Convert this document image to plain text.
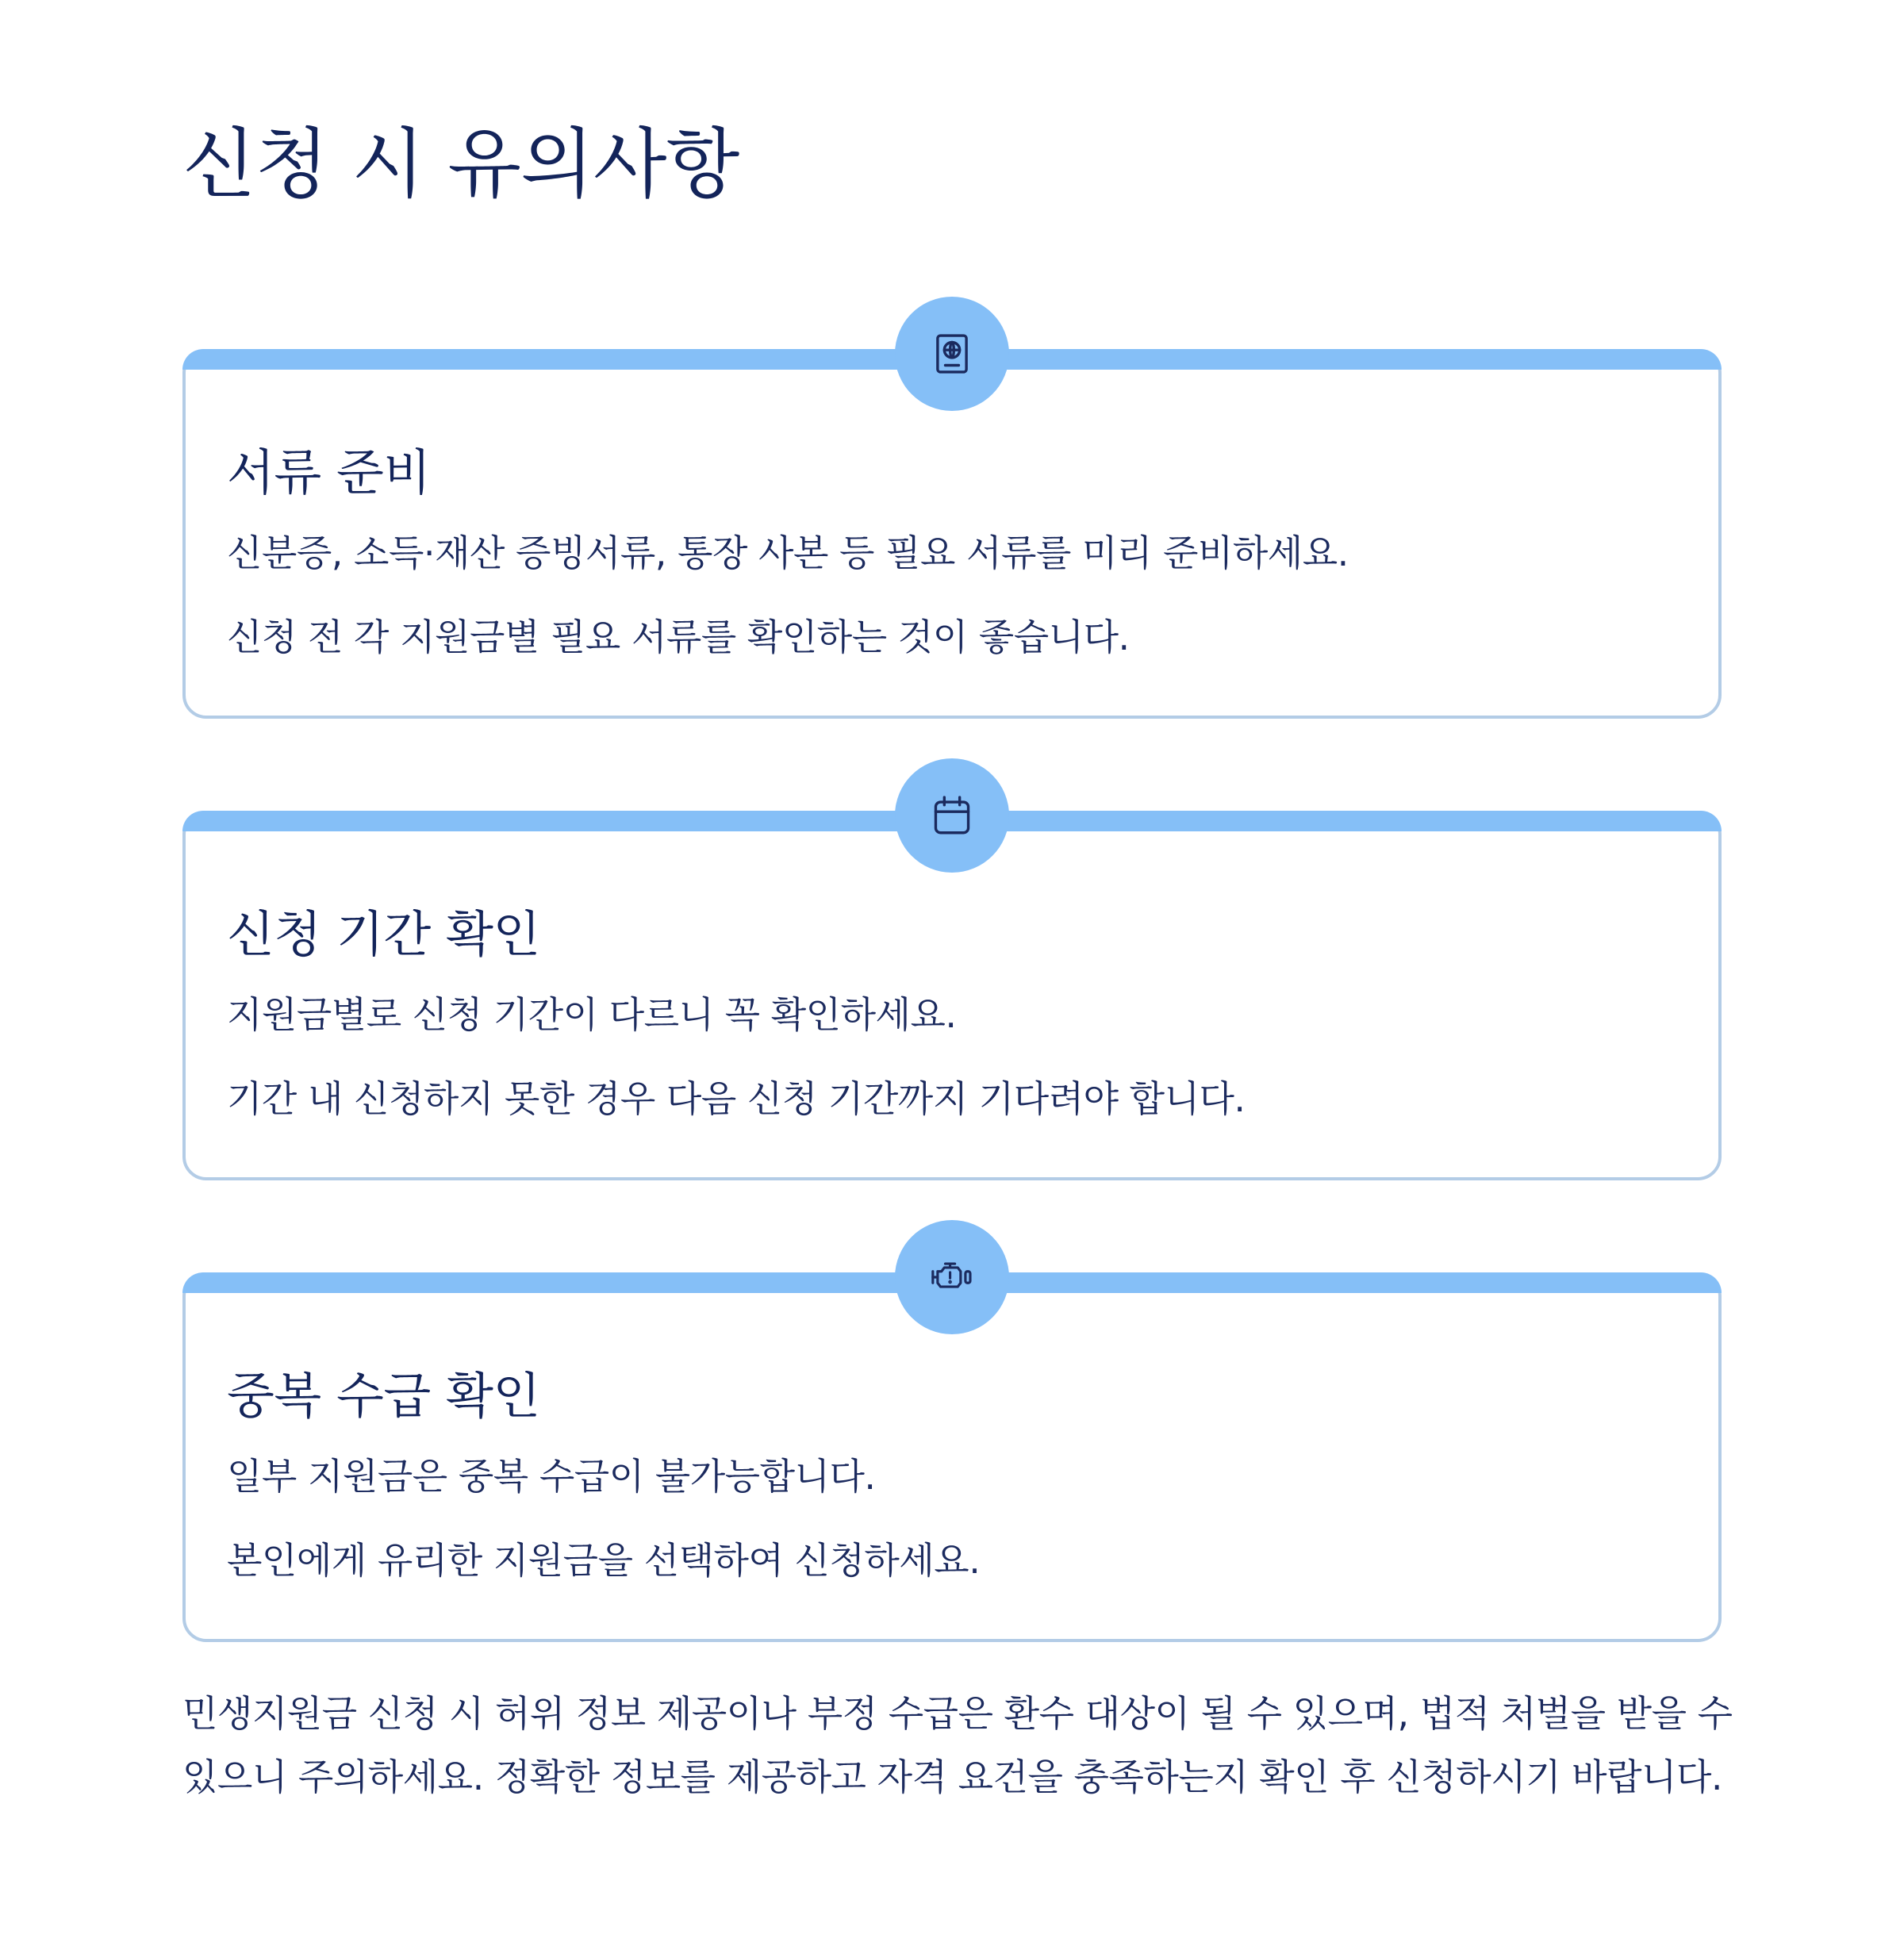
신청 시 유의사항
서류 준비

신분증, 소득·재산 증빙서류, 통장 사본 등 필요 서류를 미리 준비하세요.

신청 전 각 지원금별 필요 서류를 확인하는 것이 좋습니다.

신청 기간 확인

지원금별로 신청 기간이 다르니 꼭 확인하세요.

기간 내 신청하지 못한 경우 다음 신청 기간까지 기다려야 합니다.

중복 수급 확인

일부 지원금은 중복 수급이 불가능합니다.

본인에게 유리한 지원금을 선택하여 신청하세요.

민생지원금 신청 시 허위 정보 제공이나 부정 수급은 환수 대상이 될 수 있으며, 법적 처벌을 받을 수
있으니 주의하세요. 정확한 정보를 제공하고 자격 요건을 충족하는지 확인 후 신청하시기 바랍니다.
